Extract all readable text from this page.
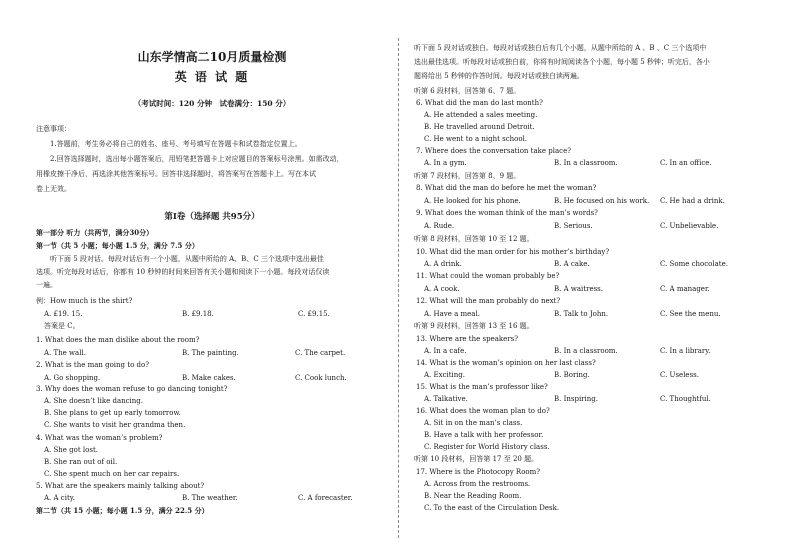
山东学情高二10月质量检测
英 语 试 题
（考试时间：120 分钟　试卷满分：150 分）
注意事项：
1.答题前，考生务必将自己的姓名、座号、考号填写在答题卡和试卷指定位置上。
2.回答选择题时，选出每小题答案后，用铅笔把答题卡上对应题目的答案标号涂黑。如需改动，
用橡皮擦干净后，再选涂其他答案标号。回答非选择题时，将答案写在答题卡上。写在本试
卷上无效。
第Ⅰ卷（选择题 共95分）
第一部分 听力（共两节，满分30分）
第一节（共 5 小题；每小题 1.5 分，满分 7.5 分）
听下面 5 段对话。每段对话后有一个小题，从题中所给的 A、B、C 三个选项中选出最佳
选项。听完每段对话后，你都有 10 秒钟的时间来回答有关小题和阅读下一小题。每段对话仅读
一遍。
例：How much is the shirt?
A. £19. 15.	B. £9.18.	C. £9.15.
答案是 C。
1. What does the man dislike about the room?
A. The wall.	B. The painting.	C. The carpet.
2. What is the man going to do?
A. Go shopping.	B. Make cakes.	C. Cook lunch.
3. Why does the woman refuse to go dancing tonight?
A. She doesn’t like dancing.
B. She plans to get up early tomorrow.
C. She wants to visit her grandma then.
4. What was the woman’s problem?
A. She got lost.
B. She ran out of oil.
C. She spent much on her car repairs.
5. What are the speakers mainly talking about?
A. A city.	B. The weather.	C. A forecaster.
第二节（共 15 小题；每小题 1.5 分，满分 22.5 分）
听下面 5 段对话或独白。每段对话或独白后有几个小题，从题中所给的 A 、B 、C 三个选项中
选出最佳选项。听每段对话或独白前，你将有时间阅读各个小题，每小题 5 秒钟；听完后，各小
题将给出 5 秒钟的作答时间。每段对话或独白读两遍。
听第 6 段材料，回答第 6、7 题。
6. What did the man do last month?
A. He attended a sales meeting.
B. He travelled around Detroit.
C. He went to a night school.
7. Where does the conversation take place?
A. In a gym.	B. In a classroom.	C. In an office.
听第 7 段材料，回答第 8、9 题。
8. What did the man do before he met the woman?
A. He looked for his phone.	B. He focused on his work. C. He had a drink.
9. What does the woman think of the man’s words?
A. Rude.	B. Serious.	C. Unbelievable.
听第 8 段材料，回答第 10 至 12 题。
10. What did the man order for his mother’s birthday?
A. A drink.	B. A cake.	C. Some chocolate.
11. What could the woman probably be?
A. A cook.	B. A waitress.	C. A manager.
12. What will the man probably do next?
A. Have a meal.	B. Talk to John.	C. See the menu.
听第 9 段材料，回答第 13 至 16 题。
13. Where are the speakers?
A. In a cafe.	B. In a classroom.	C. In a library.
14. What is the woman’s opinion on her last class?
A. Exciting.	B. Boring.	C. Useless.
15. What is the man’s professor like?
A. Talkative.	B. Inspiring.	C. Thoughtful.
16. What does the woman plan to do?
A. Sit in on the man’s class.
B. Have a talk with her professor.
C. Register for World History class.
听第 10 段材料，回答第 17 至 20 题。
17. Where is the Photocopy Room?
A. Across from the restrooms.
B. Near the Reading Room.
C. To the east of the Circulation Desk.
